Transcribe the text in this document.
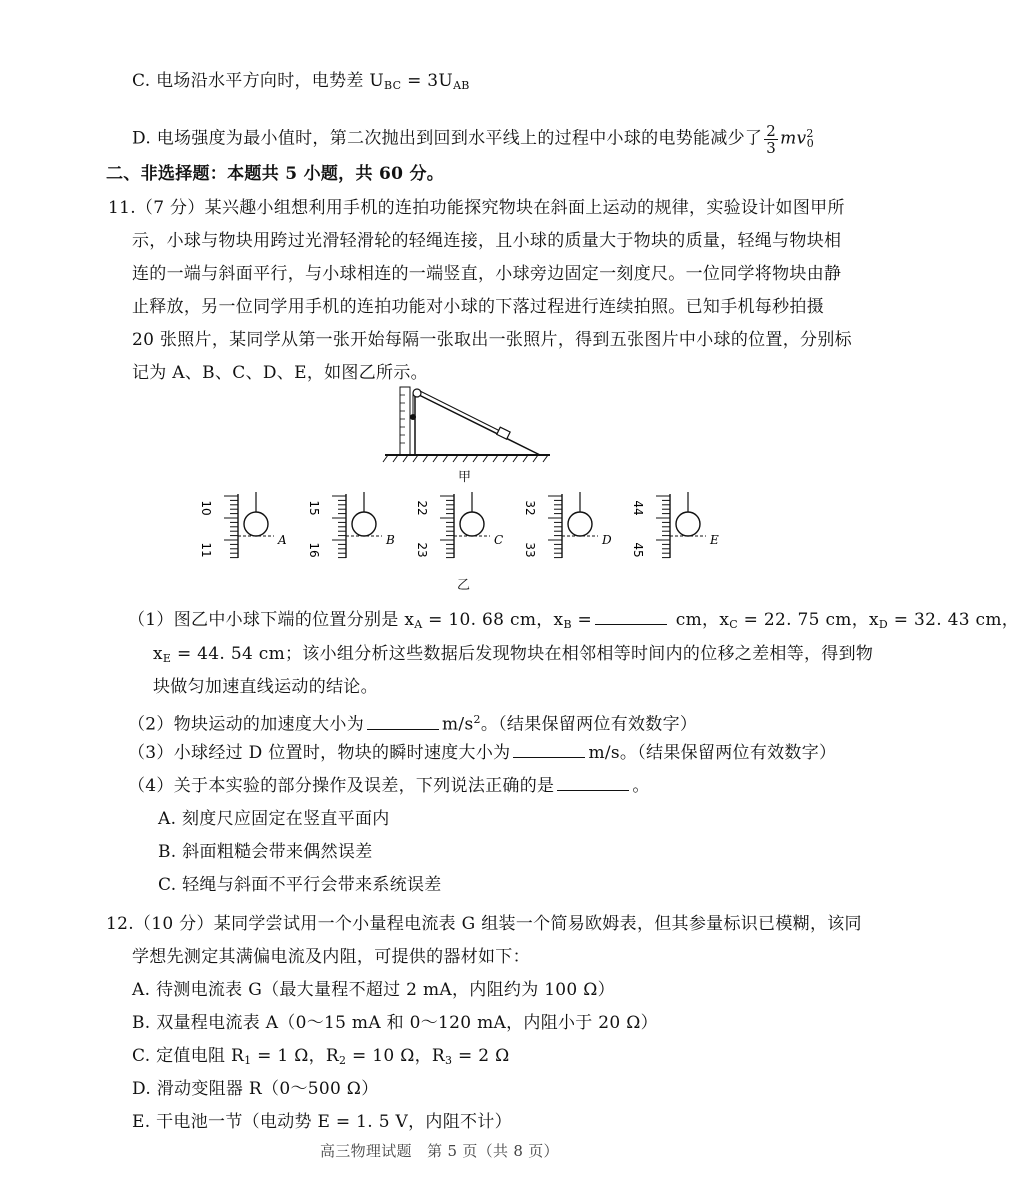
C. 电场沿水平方向时，电势差 $U_{BC} = 3U_{AB}$
D. 电场强度为最小值时，第二次抛出到回到水平线上的过程中小球的电势能减少了 $\frac{2}{3} mv^2_0$
二、非选择题：本题共 5 小题，共 60 分。
11.（7 分）某兴趣小组想利用手机的连拍功能探究物块在斜面上运动的规律，实验设计如图甲所
示，小球与物块用跨过光滑轻滑轮的轻绳连接，且小球的质量大于物块的质量，轻绳与物块相
连的一端与斜面平行，与小球相连的一端竖直，小球旁边固定一刻度尺。一位同学将物块由静
止释放，另一位同学用手机的连拍功能对小球的下落过程进行连续拍照。已知手机每秒拍摄
20 张照片，某同学从第一张开始每隔一张取出一张照片，得到五张图片中小球的位置，分别标
记为 A、B、C、D、E，如图乙所示。
甲
10
11
A
15
16
B
22
23
C
32
33
D
44
45
E
乙
（1）图乙中小球下端的位置分别是 $x_A = 10$. 68 cm，$x_B$ =	cm，$x_C = 22$. 75 cm，$x_D = 32$. 43 cm，
$x_E = 44$. 54 cm；该小组分析这些数据后发现物块在相邻相等时间内的位移之差相等，得到物
块做匀加速直线运动的结论。
（2）物块运动的加速度大小为	$m/s^2$。（结果保留两位有效数字）
（3）小球经过 D 位置时，物块的瞬时速度大小为	m/s。（结果保留两位有效数字）
（4）关于本实验的部分操作及误差，下列说法正确的是	。
A. 刻度尺应固定在竖直平面内
B. 斜面粗糙会带来偶然误差
C. 轻绳与斜面不平行会带来系统误差
12.（10 分）某同学尝试用一个小量程电流表 G 组装一个简易欧姆表，但其参量标识已模糊，该同
学想先测定其满偏电流及内阻，可提供的器材如下：
A. 待测电流表 G（最大量程不超过 2 mA，内阻约为 100 Ω）
B. 双量程电流表 A（0～15 mA 和 0～120 mA，内阻小于 20 Ω）
C. 定值电阻 $R_1 = 1$ Ω，$R_2 = 10$ Ω，$R_3 = 2$ Ω
D. 滑动变阻器 R（0～500 Ω）
E. 干电池一节（电动势 E = 1. 5 V，内阻不计）
高三物理试题　第 5 页（共 8 页）
